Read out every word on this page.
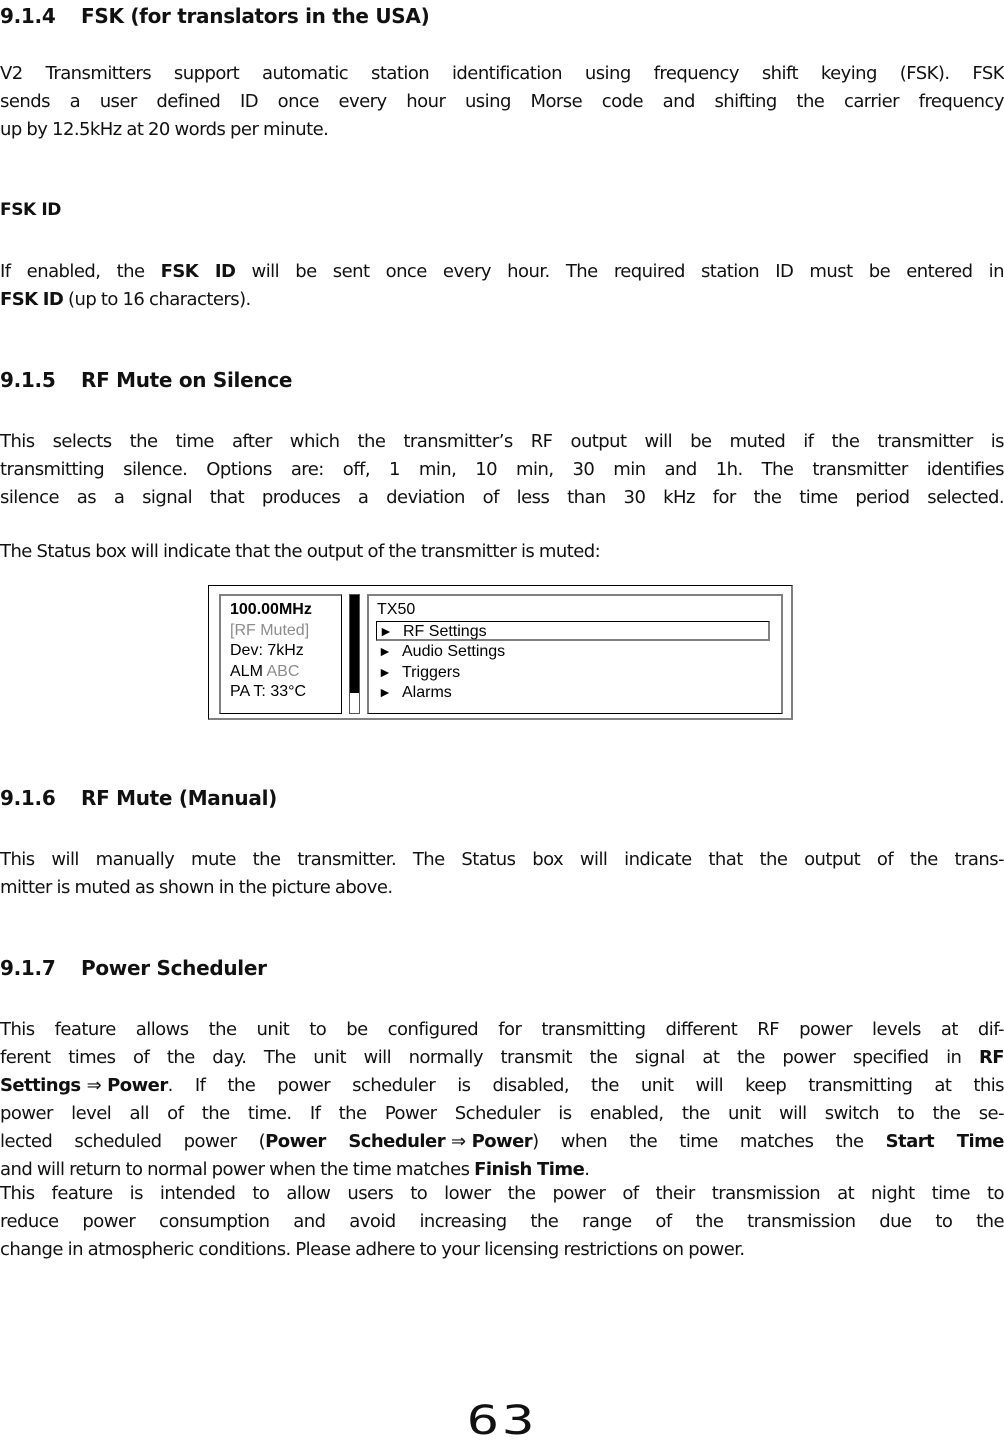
9.1.4 FSK (for translators in the USA)
V2 Transmitters support automatic station identification using frequency shift keying (FSK). FSK
sends a user defined ID once every hour using Morse code and shifting the carrier frequency
up by 12.5kHz at 20 words per minute.
FSK ID
If enabled, the FSK ID will be sent once every hour. The required station ID must be entered in
FSK ID (up to 16 characters).
9.1.5 RF Mute on Silence
This selects the time after which the transmitter’s RF output will be muted if the transmitter is
transmitting silence. Options are: off, 1 min, 10 min, 30 min and 1h. The transmitter identifies
silence as a signal that produces a deviation of less than 30 kHz for the time period selected.
The Status box will indicate that the output of the transmitter is muted:
100.00MHz
[RF Muted]
Dev: 7kHz
ALM ABC
PA T: 33°C
TX50
► RF Settings
► Audio Settings
► Triggers
► Alarms
9.1.6 RF Mute (Manual)
This will manually mute the transmitter. The Status box will indicate that the output of the trans-
mitter is muted as shown in the picture above.
9.1.7 Power Scheduler
This feature allows the unit to be configured for transmitting different RF power levels at dif-
ferent times of the day. The unit will normally transmit the signal at the power specified in RF
Settings ⇒ Power. If the power scheduler is disabled, the unit will keep transmitting at this
power level all of the time. If the Power Scheduler is enabled, the unit will switch to the se-
lected scheduled power (Power Scheduler ⇒ Power) when the time matches the Start Time
and will return to normal power when the time matches Finish Time.
This feature is intended to allow users to lower the power of their transmission at night time to
reduce power consumption and avoid increasing the range of the transmission due to the
change in atmospheric conditions. Please adhere to your licensing restrictions on power.
63
